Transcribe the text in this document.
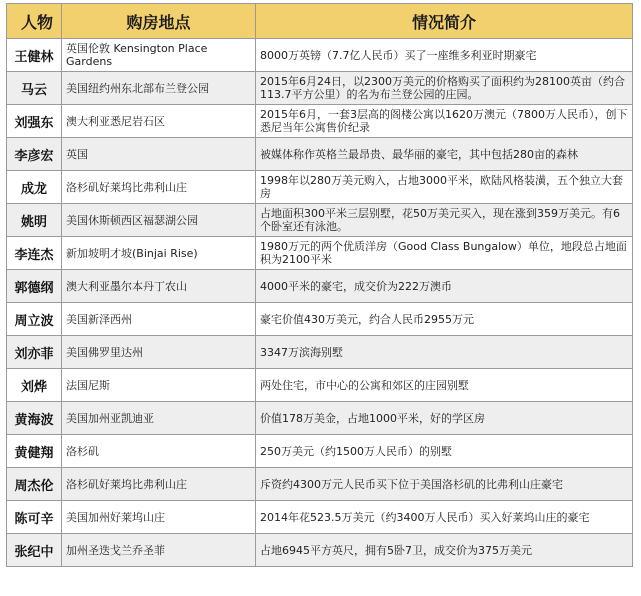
人物	购房地点	情况简介
王健林	英国伦敦 Kensington Place Gardens	8000万英镑（7.7亿人民币）买了一座维多利亚时期豪宅
马云	美国纽约州东北部布兰登公园	2015年6月24日，以2300万美元的价格购买了面积约为28100英亩（约合113.7平方公里）的名为布兰登公园的庄园。
刘强东	澳大利亚悉尼岩石区	2015年6月，一套3层高的阁楼公寓以1620万澳元（7800万人民币），创下悉尼当年公寓售价纪录
李彦宏	英国	被媒体称作英格兰最昂贵、最华丽的豪宅，其中包括280亩的森林
成龙	洛杉矶好莱坞比弗利山庄	1998年以280万美元购入，占地3000平米，欧陆风格装潢，五个独立大套房
姚明	美国休斯顿西区福瑟湖公园	占地面积300平米三层别墅，花50万美元买入，现在涨到359万美元。有6个卧室还有泳池。
李连杰	新加坡明才坡(Binjai Rise)	1980万元的两个优质洋房（Good Class Bungalow）单位，地段总占地面积为2100平米
郭德纲	澳大利亚墨尔本丹丁农山	4000平米的豪宅，成交价为222万澳币
周立波	美国新泽西州	豪宅价值430万美元，约合人民币2955万元
刘亦菲	美国佛罗里达州	3347万滨海别墅
刘烨	法国尼斯	两处住宅，市中心的公寓和郊区的庄园别墅
黄海波	美国加州亚凯迪亚	价值178万美金，占地1000平米，好的学区房
黄健翔	洛杉矶	250万美元（约1500万人民币）的别墅
周杰伦	洛杉矶好莱坞比弗利山庄	斥资约4300万元人民币买下位于美国洛杉矶的比弗利山庄豪宅
陈可辛	美国加州好莱坞山庄	2014年花523.5万美元（约3400万人民币）买入好莱坞山庄的豪宅
张纪中	加州圣迭戈兰乔圣菲	占地6945平方英尺，拥有5卧7卫，成交价为375万美元
